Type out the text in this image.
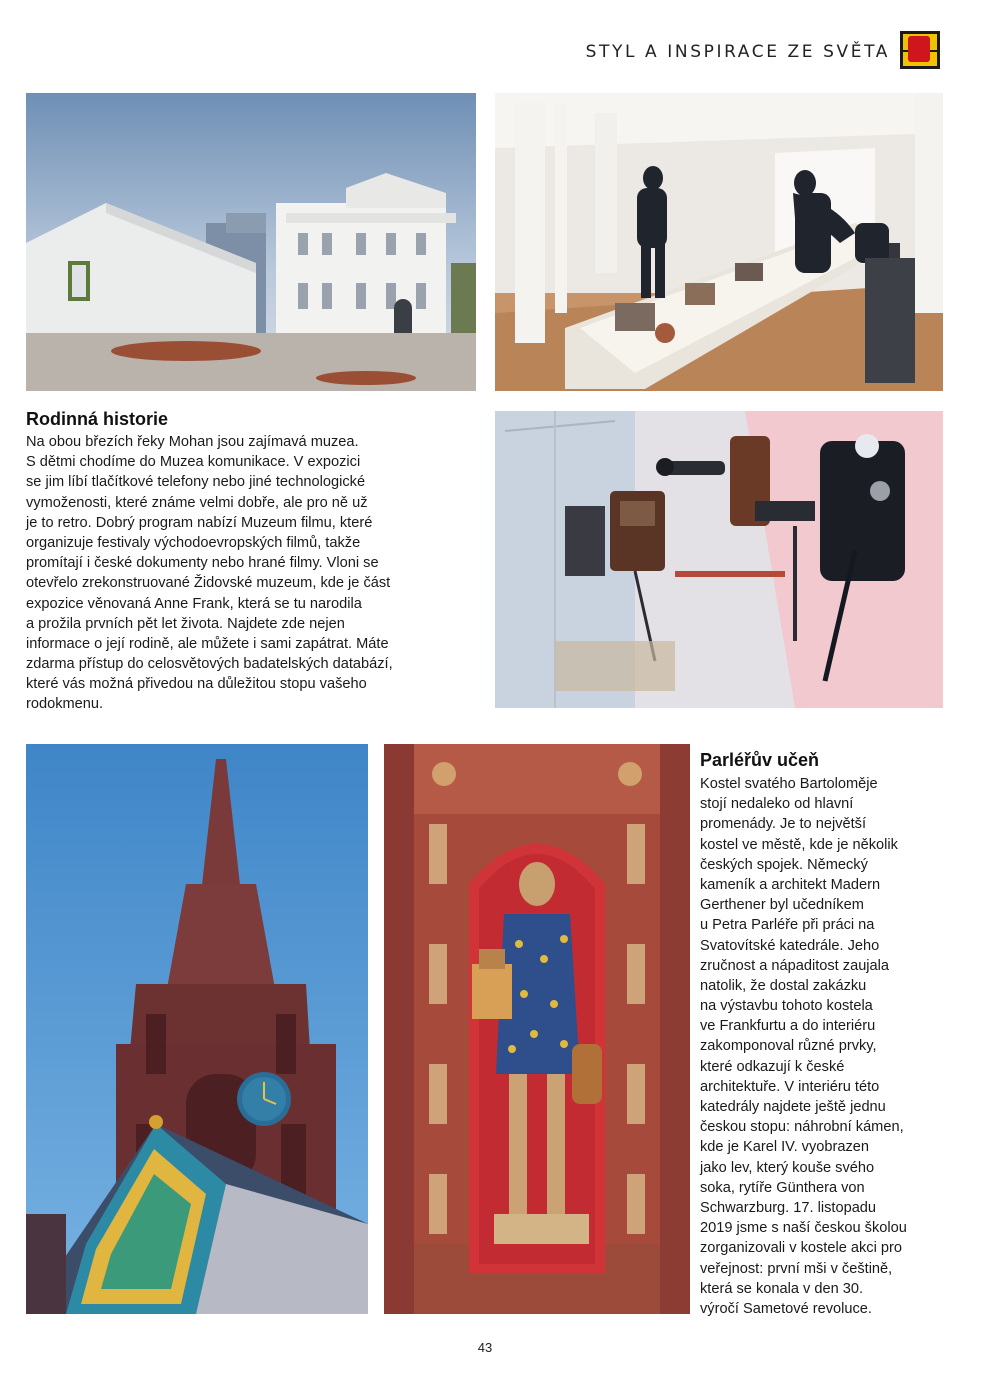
STYL A INSPIRACE ZE SVĚTA
Rodinná historie
Na obou březích řeky Mohan jsou zajímavá muzea.
S dětmi chodíme do Muzea komunikace. V expozici
se jim líbí tlačítkové telefony nebo jiné technologické
vymoženosti, které známe velmi dobře, ale pro ně už
je to retro. Dobrý program nabízí Muzeum filmu, které
organizuje festivaly východoevropských filmů, takže
promítají i české dokumenty nebo hrané filmy. Vloni se
otevřelo zrekonstruované Židovské muzeum, kde je část
expozice věnovaná Anne Frank, která se tu narodila
a prožila prvních pět let života. Najdete zde nejen
informace o její rodině, ale můžete i sami zapátrat. Máte
zdarma přístup do celosvětových badatelských databází,
které vás možná přivedou na důležitou stopu vašeho
rodokmenu.
Parléřův učeň
Kostel svatého Bartoloměje
stojí nedaleko od hlavní
promenády. Je to největší
kostel ve městě, kde je několik
českých spojek. Německý
kameník a architekt Madern
Gerthener byl učedníkem
u Petra Parléře při práci na
Svatovítské katedrále. Jeho
zručnost a nápaditost zaujala
natolik, že dostal zakázku
na výstavbu tohoto kostela
ve Frankfurtu a do interiéru
zakomponoval různé prvky,
které odkazují k české
architektuře. V interiéru této
katedrály najdete ještě jednu
českou stopu: náhrobní kámen,
kde je Karel IV. vyobrazen
jako lev, který kouše svého
soka, rytíře Günthera von
Schwarzburg. 17. listopadu
2019 jsme s naší českou školou
zorganizovali v kostele akci pro
veřejnost: první mši v češtině,
která se konala v den 30.
výročí Sametové revoluce.
43
